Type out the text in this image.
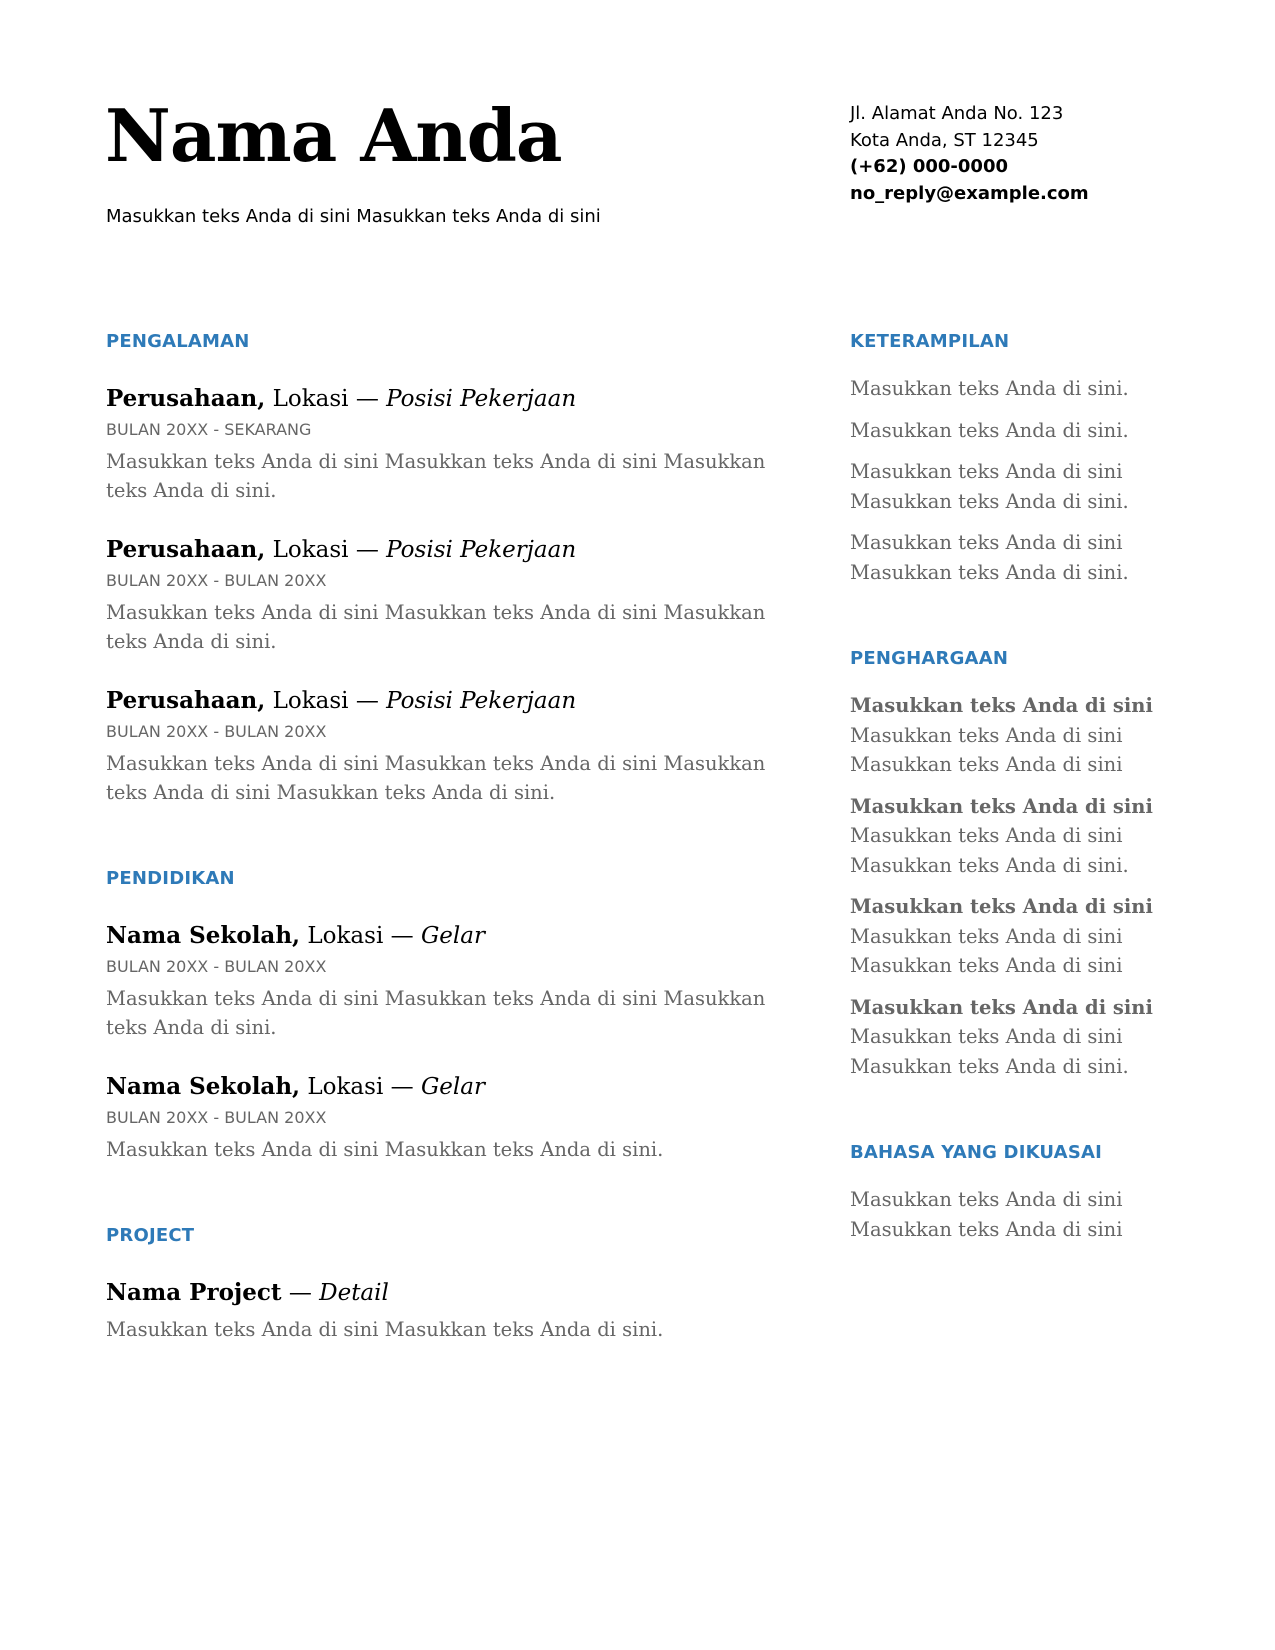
Nama Anda
Masukkan teks Anda di sini Masukkan teks Anda di sini
Jl. Alamat Anda No. 123
Kota Anda, ST 12345
(+62) 000-0000
no_reply@example.com
PENGALAMAN
Perusahaan, Lokasi — Posisi Pekerjaan
BULAN 20XX - SEKARANG
Masukkan teks Anda di sini Masukkan teks Anda di sini Masukkan teks Anda di sini.
Perusahaan, Lokasi — Posisi Pekerjaan
BULAN 20XX - BULAN 20XX
Masukkan teks Anda di sini Masukkan teks Anda di sini Masukkan teks Anda di sini.
Perusahaan, Lokasi — Posisi Pekerjaan
BULAN 20XX - BULAN 20XX
Masukkan teks Anda di sini Masukkan teks Anda di sini Masukkan teks Anda di sini Masukkan teks Anda di sini.
PENDIDIKAN
Nama Sekolah, Lokasi — Gelar
BULAN 20XX - BULAN 20XX
Masukkan teks Anda di sini Masukkan teks Anda di sini Masukkan teks Anda di sini.
Nama Sekolah, Lokasi — Gelar
BULAN 20XX - BULAN 20XX
Masukkan teks Anda di sini Masukkan teks Anda di sini.
PROJECT
Nama Project — Detail
Masukkan teks Anda di sini Masukkan teks Anda di sini.
KETERAMPILAN
Masukkan teks Anda di sini.
Masukkan teks Anda di sini.
Masukkan teks Anda di sini Masukkan teks Anda di sini.
Masukkan teks Anda di sini Masukkan teks Anda di sini.
PENGHARGAAN
Masukkan teks Anda di sini
Masukkan teks Anda di sini Masukkan teks Anda di sini
Masukkan teks Anda di sini
Masukkan teks Anda di sini Masukkan teks Anda di sini.
Masukkan teks Anda di sini
Masukkan teks Anda di sini Masukkan teks Anda di sini
Masukkan teks Anda di sini
Masukkan teks Anda di sini Masukkan teks Anda di sini.
BAHASA YANG DIKUASAI
Masukkan teks Anda di sini Masukkan teks Anda di sini
